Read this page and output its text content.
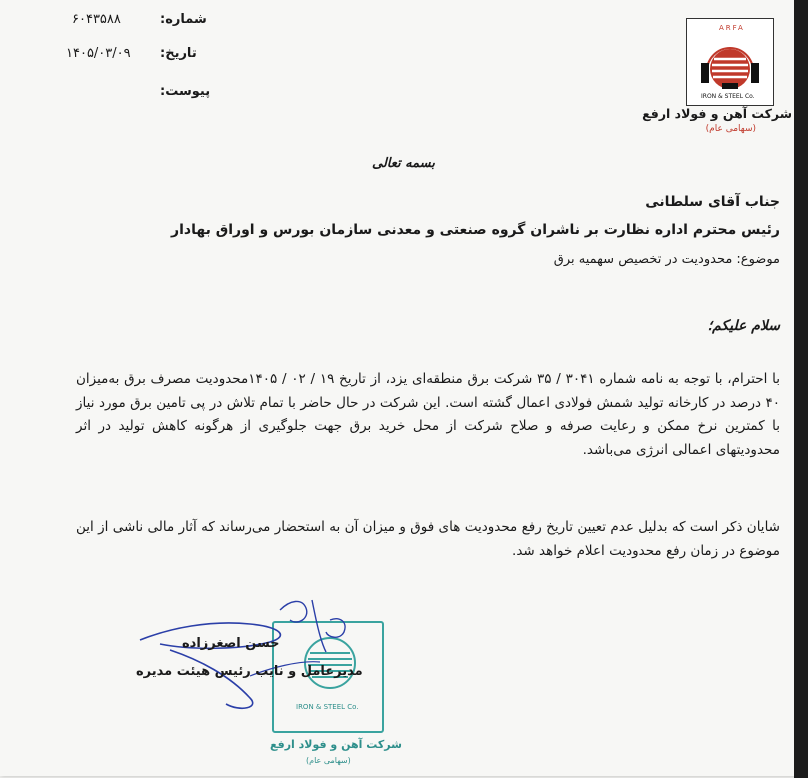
شماره:
۶۰۴۳۵۸۸
تاریخ:
۱۴۰۵/۰۳/۰۹
پیوست:
ARFA
IRON & STEEL Co.
شرکت آهن و فولاد ارفع
(سهامی عام)
بسمه تعالی
جناب آقای سلطانی
رئیس محترم اداره نظارت بر ناشران گروه صنعتی و معدنی سازمان بورس و اوراق بهادار
موضوع: محدودیت در تخصیص سهمیه برق
سلام علیکم؛
با احترام، با توجه به نامه شماره ۳۰۴۱ / ۳۵ شرکت برق منطقه‌ای یزد، از تاریخ ۱۹ / ۰۲ / ۱۴۰۵محدودیت مصرف برق به‌میزان ۴۰ درصد در کارخانه تولید شمش فولادی اعمال گشته است. این شرکت در حال حاضر با تمام تلاش در پی تامین برق مورد نیاز با کمترین نرخ ممکن و رعایت صرفه و صلاح شرکت از محل خرید برق جهت جلوگیری از هرگونه کاهش تولید در اثر محدودیتهای اعمالی انرژی می‌باشد.
شایان ذکر است که بدلیل عدم تعیین تاریخ رفع محدودیت های فوق و میزان آن به استحضار می‌رساند که آثار مالی ناشی از این موضوع در زمان رفع محدودیت اعلام خواهد شد.
IRON & STEEL Co.
شرکت آهن و فولاد ارفع
(سهامی عام)
حسن اصغرزاده
مدیرعامل و نایب رئیس هیئت مدیره
